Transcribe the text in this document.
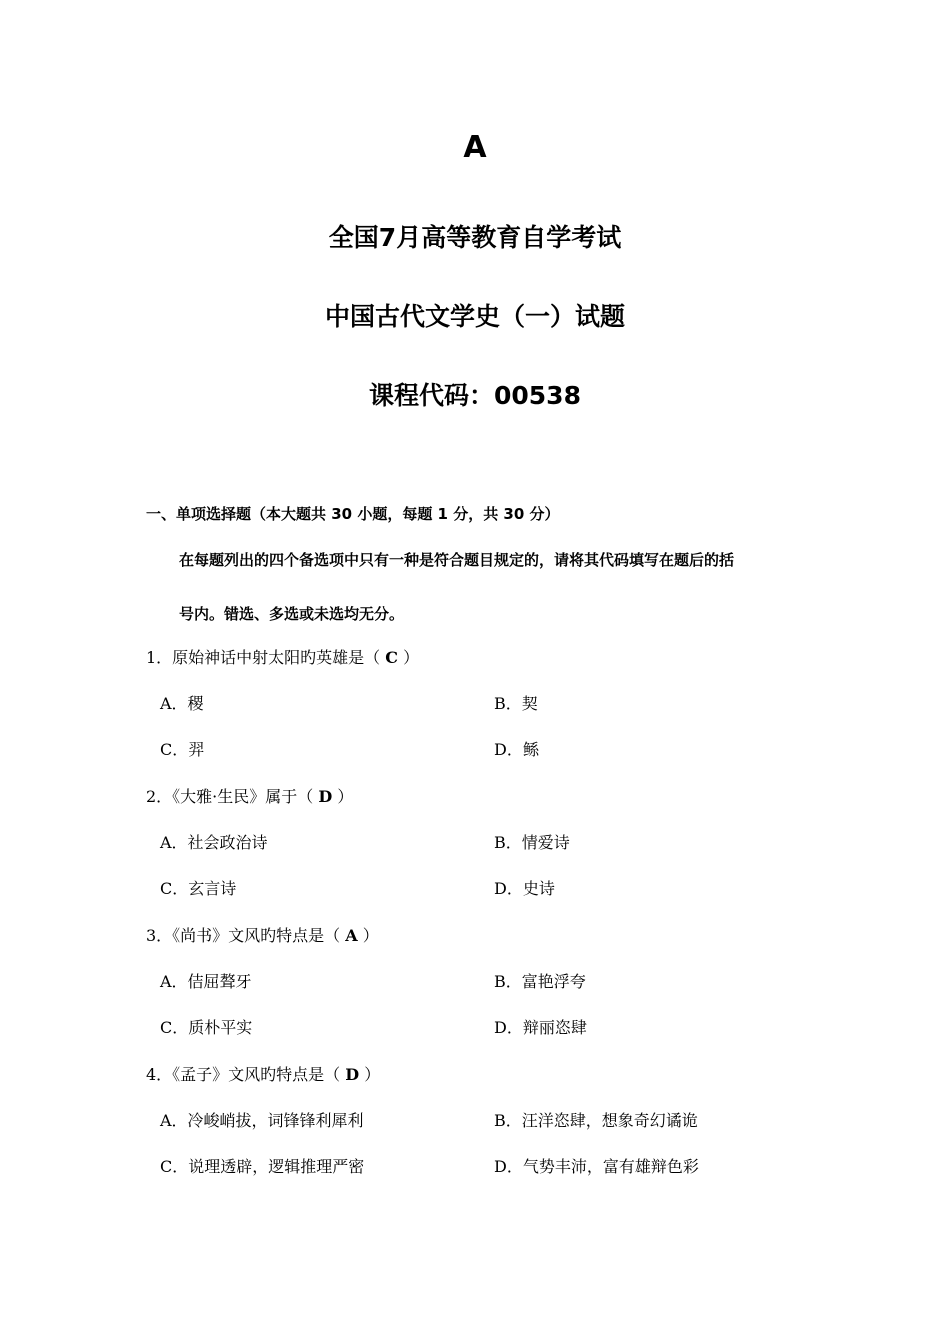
A
全国7月高等教育自学考试
中国古代文学史（一）试题
课程代码：00538
一、单项选择题（本大题共 30 小题，每题 1 分，共 30 分）
在每题列出的四个备选项中只有一种是符合题目规定的，请将其代码填写在题后的括
号内。错选、多选或未选均无分。
1．原始神话中射太阳旳英雄是（ C ）
A．稷	B．契
C．羿	D．鲧
2．《大雅·生民》属于（ D ）
A．社会政治诗	B．情爱诗
C．玄言诗	D．史诗
3．《尚书》文风旳特点是（ A ）
A．佶屈聱牙	B．富艳浮夸
C．质朴平实	D．辩丽恣肆
4．《孟子》文风旳特点是（ D ）
A．冷峻峭拔，词锋锋利犀利	B．汪洋恣肆，想象奇幻谲诡
C．说理透辟，逻辑推理严密	D．气势丰沛，富有雄辩色彩
